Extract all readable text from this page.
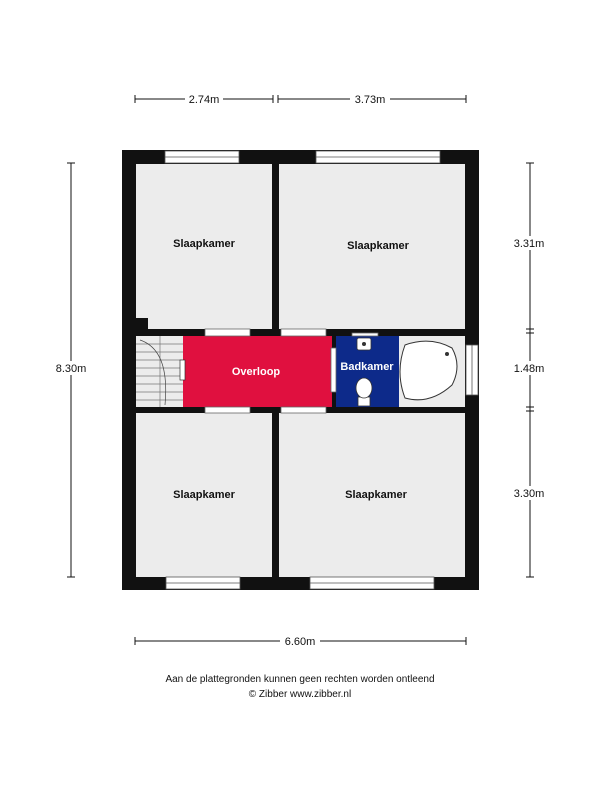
2.74m	3.73m
8.30m
3.31m
1.48m
3.30m
6.60m
Slaapkamer	Slaapkamer
Overloop	Badkamer
Slaapkamer	Slaapkamer
Aan de plattegronden kunnen geen rechten worden ontleend
© Zibber www.zibber.nl
